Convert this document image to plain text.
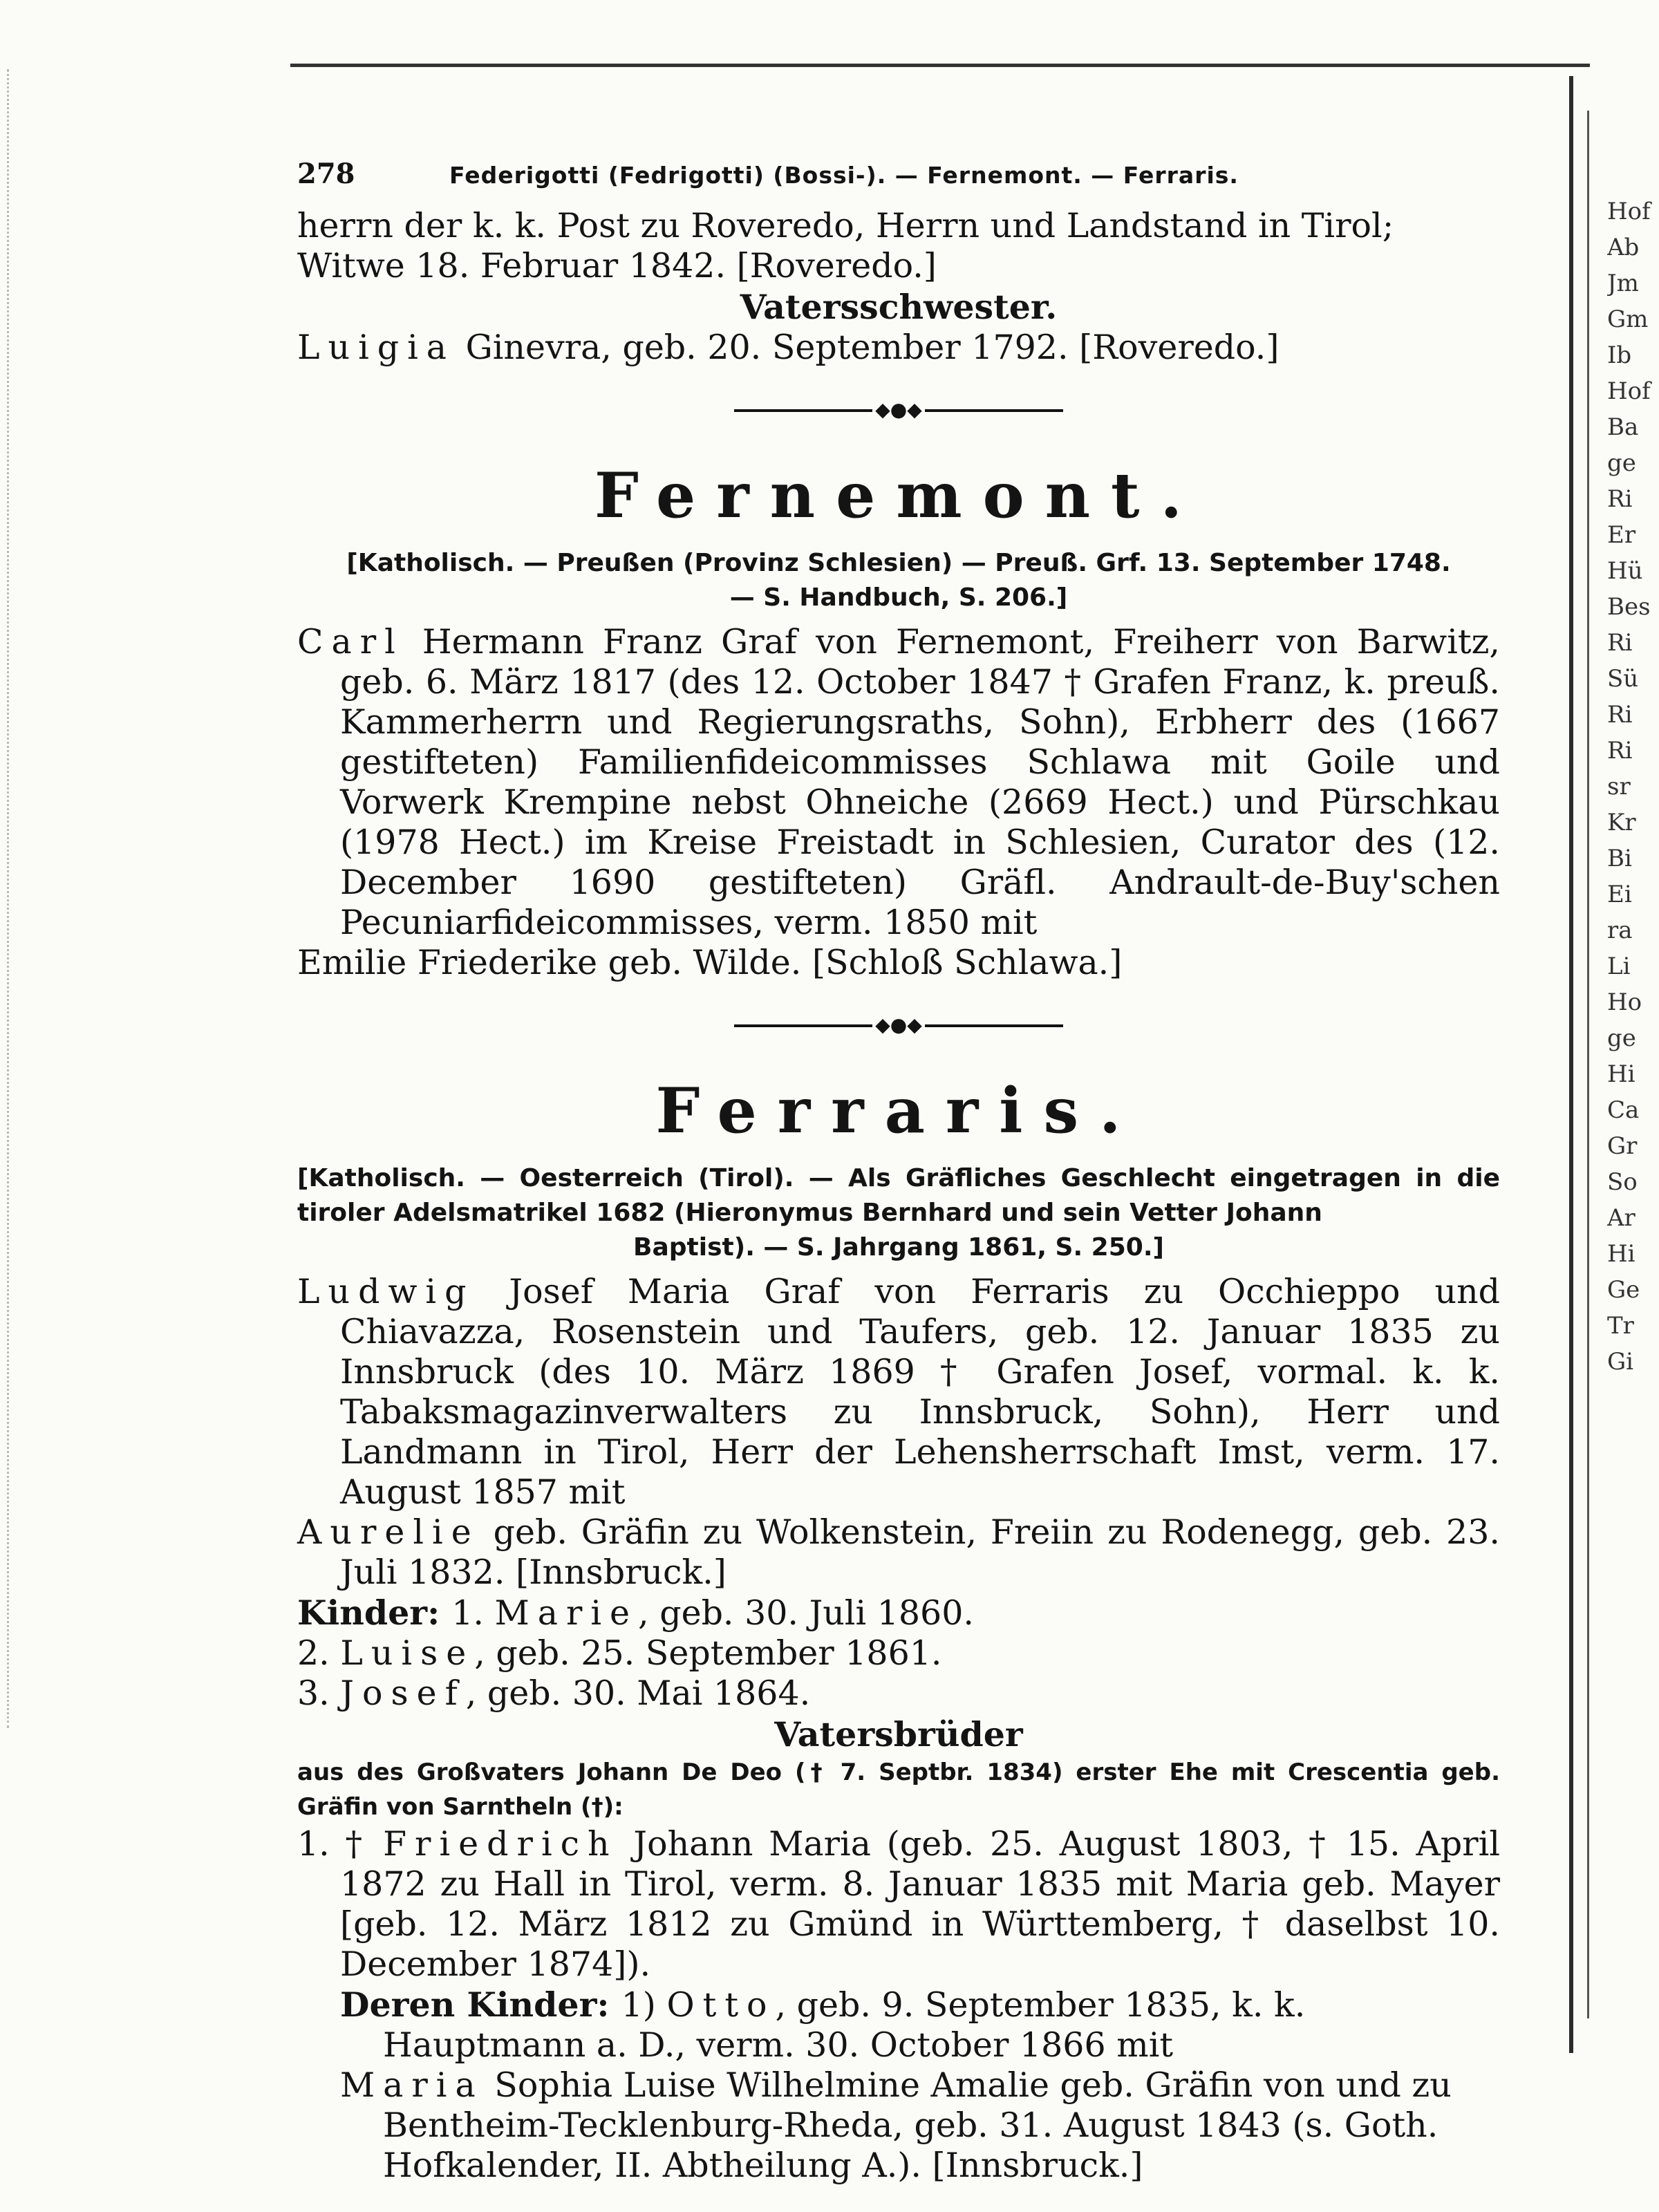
Hof
Ab
Jm
Gm
Ib
Hof
Ba
ge
Ri
Er
Hü
Bes
Ri
Sü
Ri
Ri
sr
Kr
Bi
Ei
ra
Li
Ho
ge
Hi
Ca
Gr
So
Ar
Hi
Ge
Tr
Gi
278	Federigotti (Fedrigotti) (Bossi-). — Fernemont. — Ferraris.

herrn der k. k. Post zu Roveredo, Herrn und Landstand in Tirol;

Witwe 18. Februar 1842. [Roveredo.]

Vatersschwester.

Luigia Ginevra, geb. 20. September 1792. [Roveredo.]

◆●◆
Fernemont.

[Katholisch. — Preußen (Provinz Schlesien) — Preuß. Grf. 13. September 1748.

— S. Handbuch, S. 206.]

Carl Hermann Franz Graf von Fernemont, Freiherr von Barwitz, geb. 6. März 1817 (des 12. October 1847 † Grafen Franz, k. preuß. Kammerherrn und Regierungsraths, Sohn), Erbherr des (1667 gestifteten) Familienfideicommisses Schlawa mit Goile und Vorwerk Krempine nebst Ohneiche (2669 Hect.) und Pürschkau (1978 Hect.) im Kreise Freistadt in Schlesien, Curator des (12. December 1690 gestifteten) Gräfl. Andrault-de-Buy'schen Pecuniarfideicommisses, verm. 1850 mit

Emilie Friederike geb. Wilde. [Schloß Schlawa.]

◆●◆
Ferraris.

[Katholisch. — Oesterreich (Tirol). — Als Gräfliches Geschlecht eingetragen in die tiroler Adelsmatrikel 1682 (Hieronymus Bernhard und sein Vetter Johann

Baptist). — S. Jahrgang 1861, S. 250.]

Ludwig Josef Maria Graf von Ferraris zu Occhieppo und Chiavazza, Rosenstein und Taufers, geb. 12. Januar 1835 zu Innsbruck (des 10. März 1869 † Grafen Josef, vormal. k. k. Tabaksmagazinverwalters zu Innsbruck, Sohn), Herr und Landmann in Tirol, Herr der Lehensherrschaft Imst, verm. 17. August 1857 mit

Aurelie geb. Gräfin zu Wolkenstein, Freiin zu Rodenegg, geb. 23. Juli 1832. [Innsbruck.]

Kinder: 1. Marie, geb. 30. Juli 1860.

2. Luise, geb. 25. September 1861.

3. Josef, geb. 30. Mai 1864.

Vatersbrüder

aus des Großvaters Johann De Deo († 7. Septbr. 1834) erster Ehe mit Crescentia geb. Gräfin von Sarntheln (†):

1. † Friedrich Johann Maria (geb. 25. August 1803, † 15. April 1872 zu Hall in Tirol, verm. 8. Januar 1835 mit Maria geb. Mayer [geb. 12. März 1812 zu Gmünd in Württemberg, † daselbst 10. December 1874]).

Deren Kinder: 1) Otto, geb. 9. September 1835, k. k. Hauptmann a. D., verm. 30. October 1866 mit

Maria Sophia Luise Wilhelmine Amalie geb. Gräfin von und zu Bentheim-Tecklenburg-Rheda, geb. 31. August 1843 (s. Goth. Hofkalender, II. Abtheilung A.). [Innsbruck.]
